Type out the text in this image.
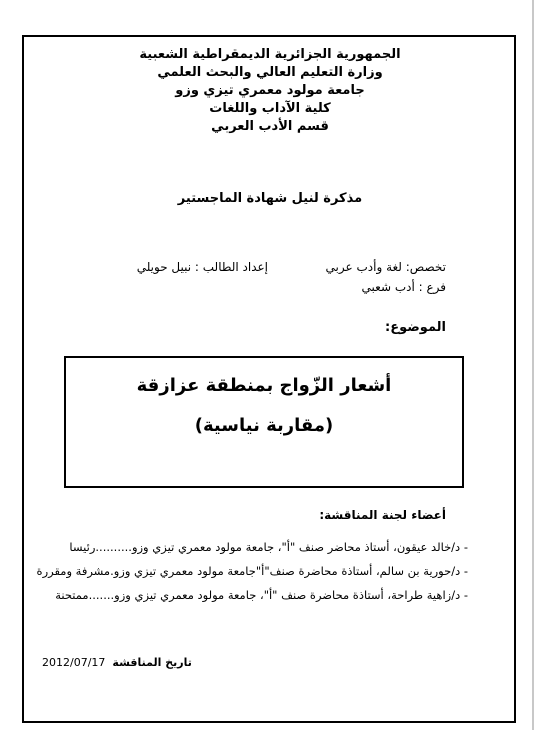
الجمهورية الجزائرية الديمقراطية الشعبية
وزارة التعليم العالي والبحث العلمي
جامعة مولود معمري تيزي وزو
كلية الآداب واللغات
قسم الأدب العربي
مذكرة لنيل شهادة الماجستير
تخصص: لغة وأدب عربي
إعداد الطالب : نبيل حويلي
فرع : أدب شعبي
الموضوع:
أشعار الزّواج بمنطقة عزازقة
(مقاربة نياسية)
أعضاء لجنة المناقشة:
- د/خالد عيقون، أستاذ محاضر صنف "أ"، جامعة مولود معمري تيزي وزو..........رئيسا
- د/حورية بن سالم، أستاذة محاضرة صنف"أ"جامعة مولود معمري تيزي وزو.مشرفة ومقررة
- د/زاهية طراحة، أستاذة محاضرة صنف "أ"، جامعة مولود معمري تيزي وزو.......ممتحنة
2012/07/17 تاريخ المناقشة
